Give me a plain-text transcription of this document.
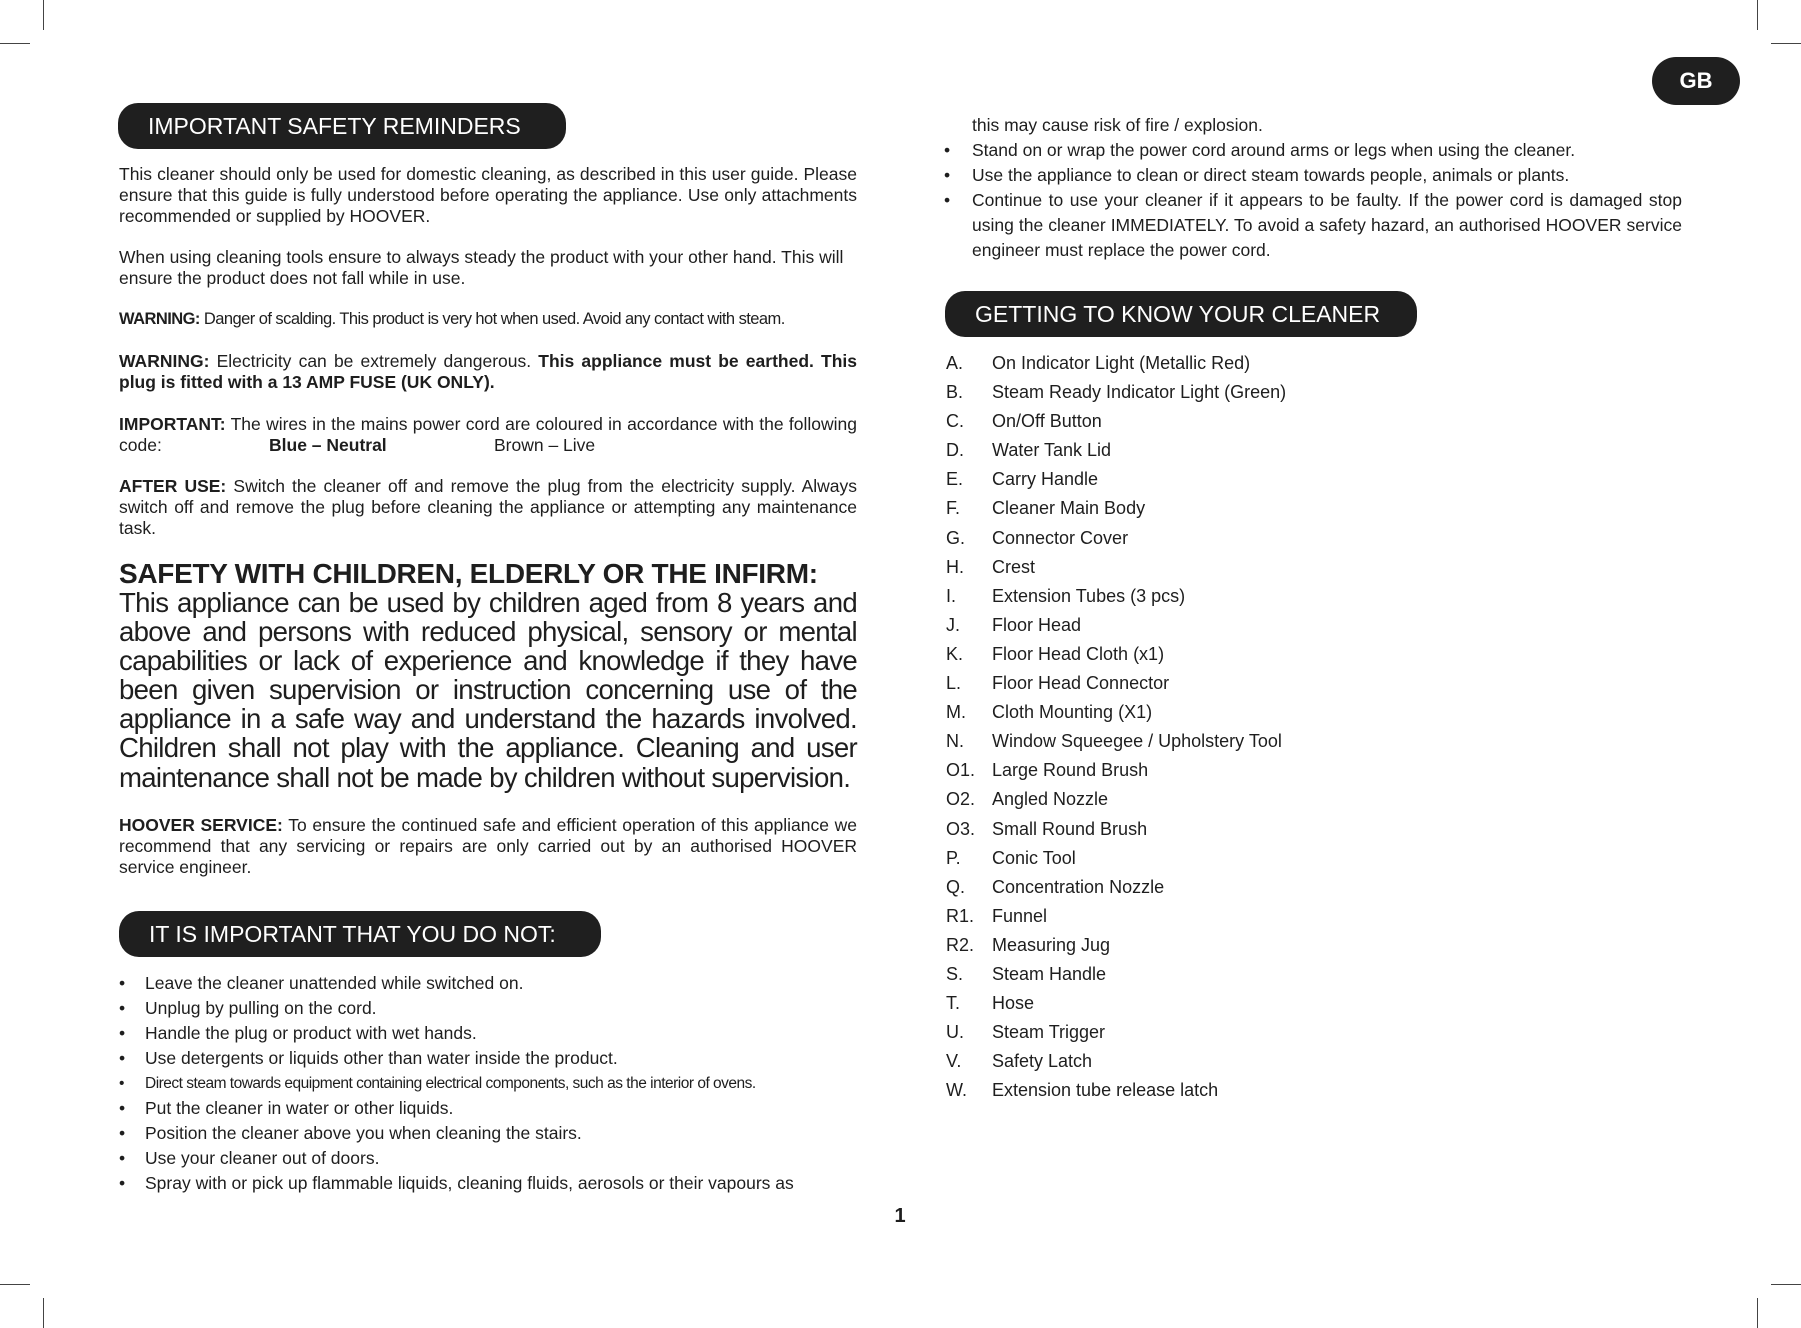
GB
IMPORTANT SAFETY REMINDERS

This cleaner should only be used for domestic cleaning, as described in this user guide. Please ensure that this guide is fully understood before operating the appliance. Use only attachments recommended or supplied by HOOVER.

When using cleaning tools ensure to always steady the product with your other hand. This will ensure the product does not fall while in use.

WARNING: Danger of scalding. This product is very hot when used. Avoid any contact with steam.

WARNING: Electricity can be extremely dangerous. This appliance must be earthed. This plug is fitted with a 13 AMP FUSE (UK ONLY).

IMPORTANT: The wires in the mains power cord are coloured in accordance with the following code:	Blue – Neutral	Brown – Live

AFTER USE: Switch the cleaner off and remove the plug from the electricity supply. Always switch off and remove the plug before cleaning the appliance or attempting any maintenance task.

SAFETY WITH CHILDREN, ELDERLY OR THE INFIRM:

This appliance can be used by children aged from 8 years and above and persons with reduced physical, sensory or mental capabilities or lack of experience and knowledge if they have been given supervision or instruction concerning use of the appliance in a safe way and understand the hazards involved. Children shall not play with the appliance. Cleaning and user maintenance shall not be made by children without supervision.

HOOVER SERVICE: To ensure the continued safe and efficient operation of this appliance we recommend that any servicing or repairs are only carried out by an authorised HOOVER service engineer.

IT IS IMPORTANT THAT YOU DO NOT:
• Leave the cleaner unattended while switched on.
• Unplug by pulling on the cord.
• Handle the plug or product with wet hands.
• Use detergents or liquids other than water inside the product.
• Direct steam towards equipment containing electrical components, such as the interior of ovens.
• Put the cleaner in water or other liquids.
• Position the cleaner above you when cleaning the stairs.
• Use your cleaner out of doors.
• Spray with or pick up flammable liquids, cleaning fluids, aerosols or their vapours as
this may cause risk of fire / explosion.
• Stand on or wrap the power cord around arms or legs when using the cleaner.
• Use the appliance to clean or direct steam towards people, animals or plants.
• Continue to use your cleaner if it appears to be faulty. If the power cord is damaged stop using the cleaner IMMEDIATELY. To avoid a safety hazard, an authorised HOOVER service engineer must replace the power cord.
GETTING TO KNOW YOUR CLEANER
A. On Indicator Light (Metallic Red)
B. Steam Ready Indicator Light (Green)
C. On/Off Button
D. Water Tank Lid
E. Carry Handle
F. Cleaner Main Body
G. Connector Cover
H. Crest
I. Extension Tubes (3 pcs)
J. Floor Head
K. Floor Head Cloth (x1)
L. Floor Head Connector
M. Cloth Mounting (X1)
N. Window Squeegee / Upholstery Tool
O1. Large Round Brush
O2. Angled Nozzle
O3. Small Round Brush
P. Conic Tool
Q. Concentration Nozzle
R1. Funnel
R2. Measuring Jug
S. Steam Handle
T. Hose
U. Steam Trigger
V. Safety Latch
W. Extension tube release latch
1
